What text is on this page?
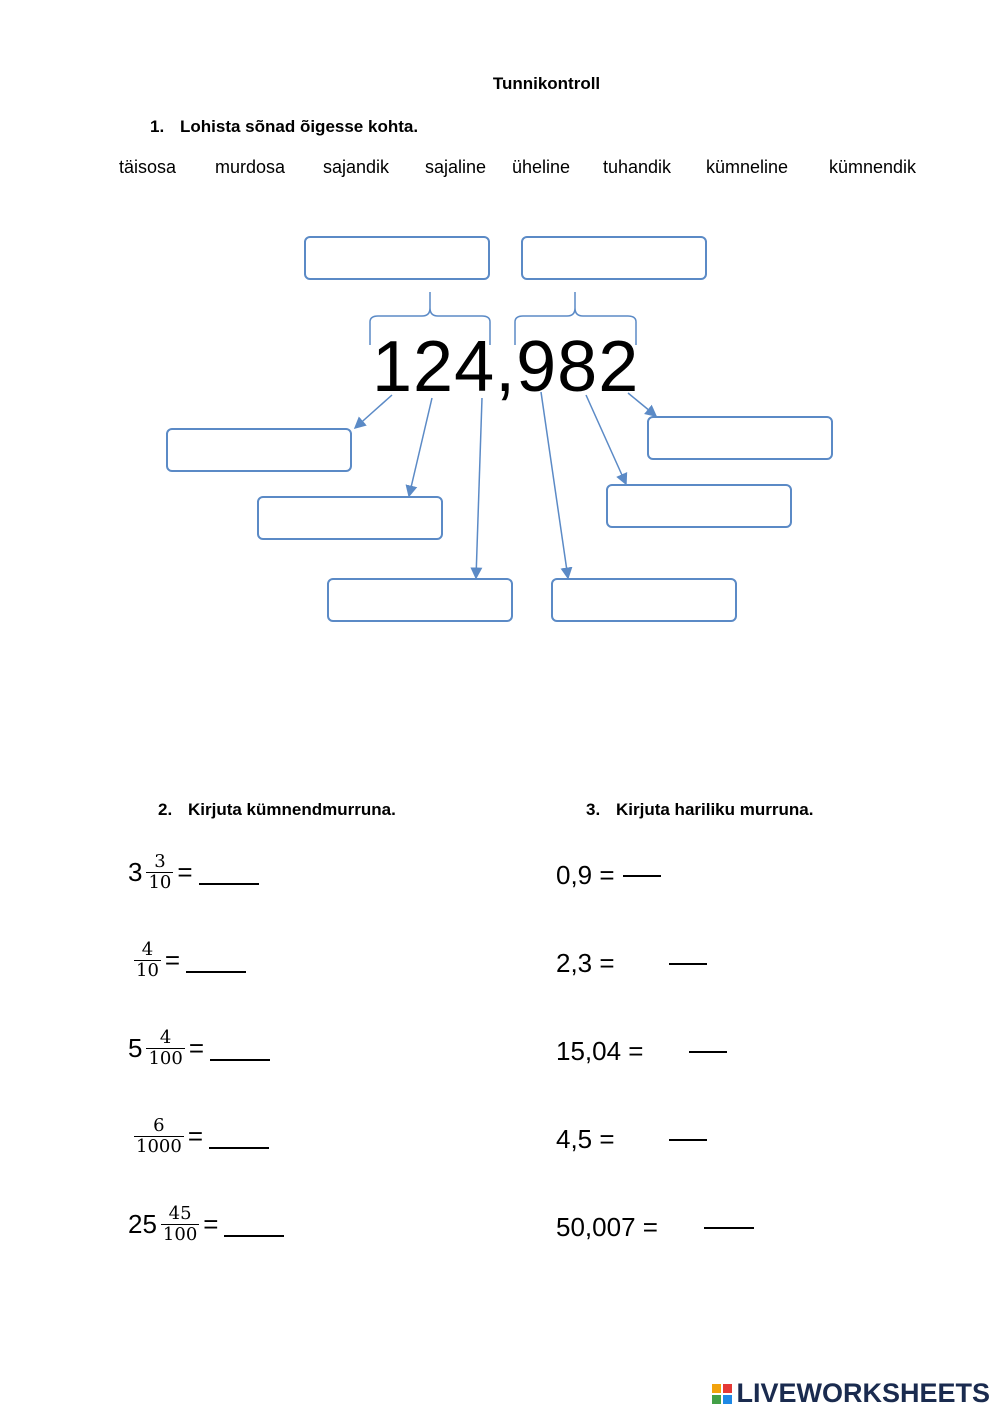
Tunnikontroll
1. Lohista sõnad õigesse kohta.
täisosa murdosa sajandik sajaline üheline tuhandik kümneline kümnendik
124,982
2. Kirjuta kümnendmurruna.	3. Kirjuta hariliku murruna.
$3 \frac{3}{10}$ =
$\frac{4}{10}$ =
$5 \frac{4}{100}$ =
$\frac{6}{1000}$ =
$25 \frac{45}{100}$ =
0,9 =
2,3 =
15,04 =
4,5 =
50,007 =
LIVEWORKSHEETS
